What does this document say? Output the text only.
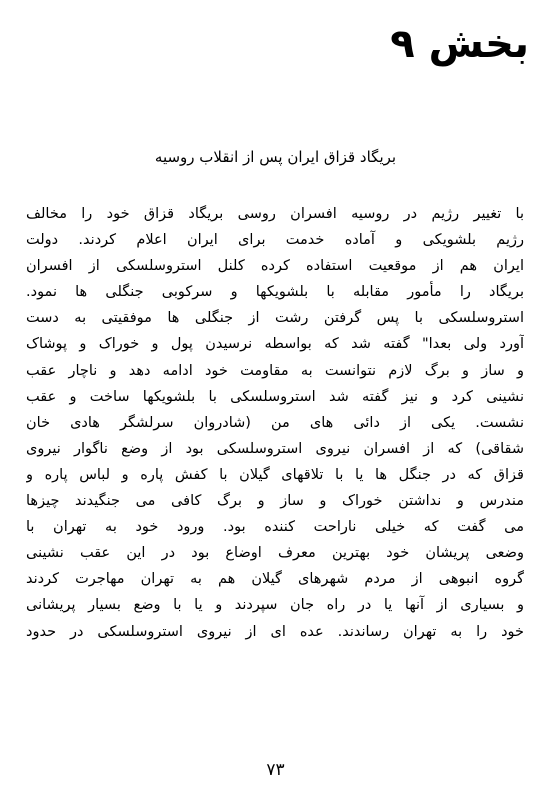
بخش ۹
بریگاد قزاق ایران پس از انقلاب روسیه
با تغییر رژیم در روسیه افسران روسی بریگاد قزاق خود را مخالف
رژیم بلشویکی و آماده خدمت برای ایران اعلام کردند. دولت
ایران هم از موقعیت استفاده کرده کلنل استروسلسکی از افسران
بریگاد را مأمور مقابله با بلشویکها و سرکوبی جنگلی ها نمود.
استروسلسکی با پس گرفتن رشت از جنگلی ها موفقیتی به دست
آورد ولی بعدا" گفته شد که بواسطه نرسیدن پول و خوراک و پوشاک
و ساز و برگ لازم نتوانست به مقاومت خود ادامه دهد و ناچار عقب
نشینی کرد و نیز گفته شد استروسلسکی با بلشویکها ساخت و عقب
نشست. یکی از دائی های من (شادروان سرلشگر هادی خان
شقاقی) که از افسران نیروی استروسلسکی بود از وضع ناگوار نیروی
قزاق که در جنگل ها یا با تلاقهای گیلان با کفش پاره و لباس پاره و
مندرس و نداشتن خوراک و ساز و برگ کافی می جنگیدند چیزها
می گفت که خیلی ناراحت کننده بود. ورود خود به تهران با
وضعی پریشان خود بهترین معرف اوضاع بود در این عقب نشینی
گروه انبوهی از مردم شهرهای گیلان هم به تهران مهاجرت کردند
و بسیاری از آنها یا در راه جان سپردند و یا با وضع بسیار پریشانی
خود را به تهران رساندند. عده ای از نیروی استروسلسکی در حدود
۷۳
